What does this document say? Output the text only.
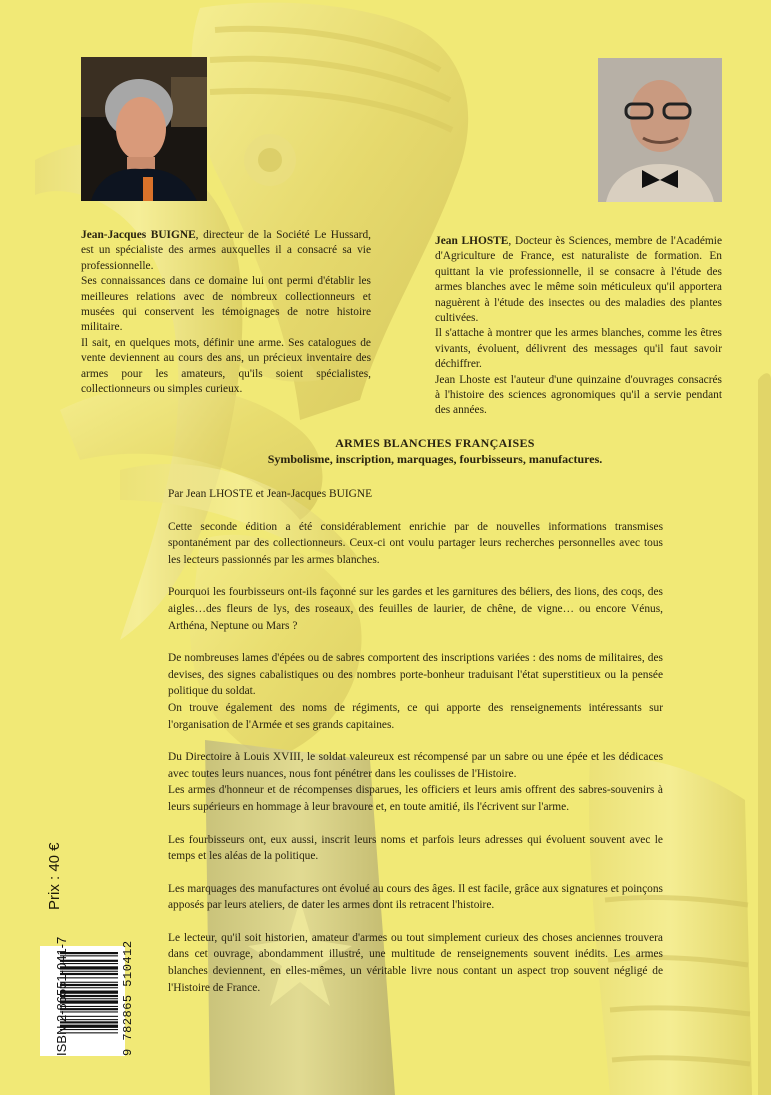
Jean-Jacques BUIGNE, directeur de la Société Le Hussard, est un spécialiste des armes auxquelles il a consacré sa vie professionnelle.

Ses connaissances dans ce domaine lui ont permi d'établir les meilleures relations avec de nombreux collectionneurs et musées qui conservent les témoignages de notre histoire militaire.

Il sait, en quelques mots, définir une arme. Ses catalogues de vente deviennent au cours des ans, un précieux inventaire des armes pour les amateurs, qu'ils soient spécialistes, collectionneurs ou simples curieux.

Jean LHOSTE, Docteur ès Sciences, membre de l'Académie d'Agriculture de France, est naturaliste de formation. En quittant la vie professionnelle, il se consacre à l'étude des armes blanches avec le même soin méticuleux qu'il apportera naguèrent à l'étude des insectes ou des maladies des plantes cultivées.

Il s'attache à montrer que les armes blanches, comme les êtres vivants, évoluent, délivrent des messages qu'il faut savoir déchiffrer.

Jean Lhoste est l'auteur d'une quinzaine d'ouvrages consacrés à l'histoire des sciences agronomiques qu'il a servie pendant des années.

ARMES BLANCHES FRANÇAISES

Symbolisme, inscription, marquages, fourbisseurs, manufactures.

Par Jean LHOSTE et Jean-Jacques BUIGNE

Cette seconde édition a été considérablement enrichie par de nouvelles informations transmises spontanément par des collectionneurs. Ceux-ci ont voulu partager leurs recherches personnelles avec tous les lecteurs passionnés par les armes blanches.

Pourquoi les fourbisseurs ont-ils façonné sur les gardes et les garnitures des béliers, des lions, des coqs, des aigles…des fleurs de lys, des roseaux, des feuilles de laurier, de chêne, de vigne… ou encore Vénus, Arthéna, Neptune ou Mars ?

De nombreuses lames d'épées ou de sabres comportent des inscriptions variées : des noms de militaires, des devises, des signes cabalistiques ou des nombres porte-bonheur traduisant l'état superstitieux ou la pensée politique du soldat.

On trouve également des noms de régiments, ce qui apporte des renseignements intéressants sur l'organisation de l'Armée et ses grands capitaines.

Du Directoire à Louis XVIII, le soldat valeureux est récompensé par un sabre ou une épée et les dédicaces avec toutes leurs nuances, nous font pénétrer dans les coulisses de l'Histoire.

Les armes d'honneur et de récompenses disparues, les officiers et leurs amis offrent des sabres-souvenirs à leurs supérieurs en hommage à leur bravoure et, en toute amitié, ils l'écrivent sur l'arme.

Les fourbisseurs ont, eux aussi, inscrit leurs noms et parfois leurs adresses qui évoluent souvent avec le temps et les aléas de la politique.

Les marquages des manufactures ont évolué au cours des âges. Il est facile, grâce aux signatures et poinçons apposés par leurs ateliers, de dater les armes dont ils retracent l'histoire.

Le lecteur, qu'il soit historien, amateur d'armes ou tout simplement curieux des choses anciennes trouvera dans cet ouvrage, abondamment illustré, une multitude de renseignements souvent inédits. Les armes blanches deviennent, en elles-mêmes, un véritable livre nous contant un aspect trop souvent négligé de l'Histoire de France.

Prix : 40 €
ISBN 2-86551-041-7	9 782865 510412
